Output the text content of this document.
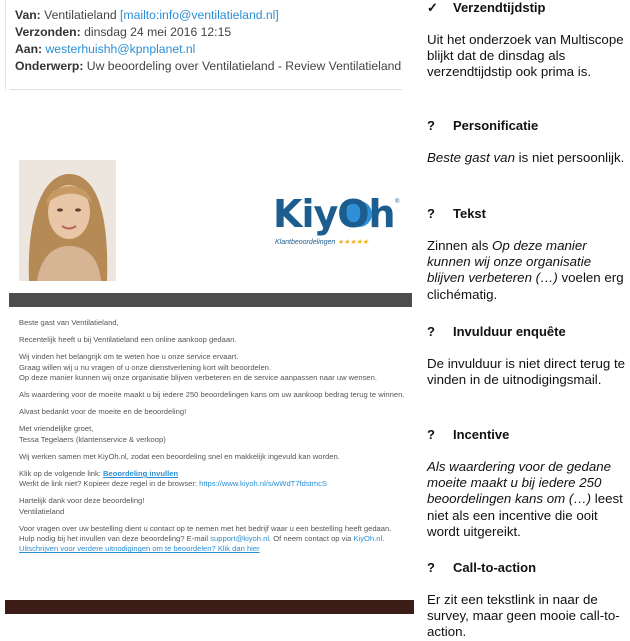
Van: Ventilatieland [mailto:info@ventilatieland.nl]
Verzonden: dinsdag 24 mei 2016 12:15
Aan: westerhuishh@kpnplanet.nl
Onderwerp: Uw beoordeling over Ventilatieland - Review Ventilatieland
KiyOh ®
Klantbeoordelingen ★★★★★

Beste gast van Ventilatieland,

Recentelijk heeft u bij Ventilatieland een online aankoop gedaan.

Wij vinden het belangrijk om te weten hoe u onze service ervaart.
Graag willen wij u nu vragen of u onze dienstverlening kort wilt beoordelen.
Op deze manier kunnen wij onze organisatie blijven verbeteren en de service aanpassen naar uw wensen.

Als waardering voor de moeite maakt u bij iedere 250 beoordelingen kans om uw aankoop bedrag terug te winnen.

Alvast bedankt voor de moeite en de beoordeling!

Met vriendelijke groet,
Tessa Tegelaers (klantenservice & verkoop)

Wij werken samen met KiyOh.nl, zodat een beoordeling snel en makkelijk ingevuld kan worden.

Klik op de volgende link: Beoordeling invullen
Werkt de link niet? Kopieer deze regel in de browser: https://www.kiyoh.nl/s/wWdT7fdstmcS

Hartelijk dank voor deze beoordeling!
Ventilatieland

Voor vragen over uw bestelling dient u contact op te nemen met het bedrijf waar u een bestelling heeft gedaan. Hulp nodig bij het invullen van deze beoordeling? E-mail support@kiyoh.nl. Of neem contact op via KiyOh.nl.
Uitschrijven voor verdere uitnodigingen om te beoordelen? Klik dan hier

✓ Verzendtijdstip
Uit het onderzoek van Multiscope blijkt dat de dinsdag als verzendtijdstip ook prima is.
? Personificatie
Beste gast van is niet persoonlijk.
? Tekst
Zinnen als Op deze manier kunnen wij onze organisatie blijven verbeteren (…) voelen erg clichématig.
? Invulduur enquête
De invulduur is niet direct terug te vinden in de uitnodigingsmail.
? Incentive
Als waardering voor de gedane moeite maakt u bij iedere 250 beoordelingen kans om (…) leest niet als een incentive die ooit wordt uitgereikt.
? Call-to-action
Er zit een tekstlink in naar de survey, maar geen mooie call-to-action.
